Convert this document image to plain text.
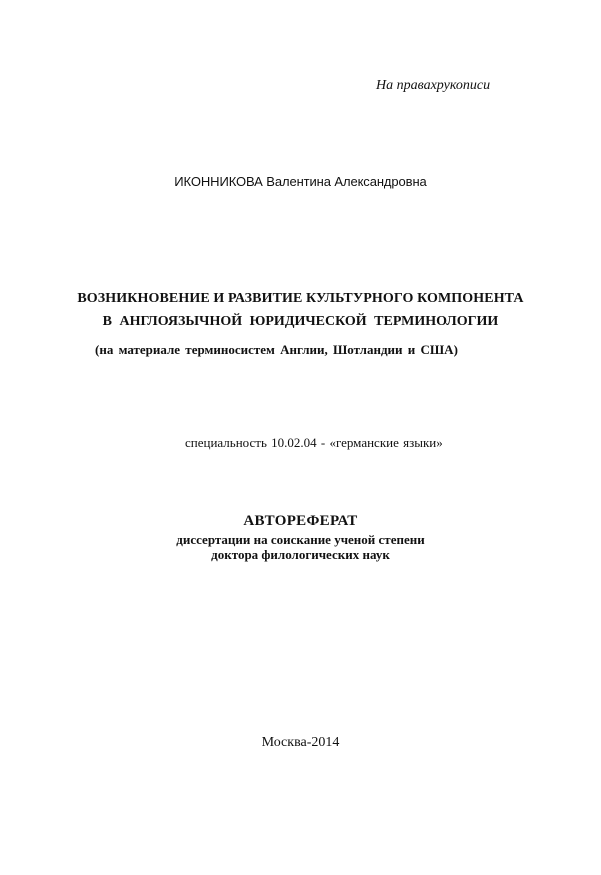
На правахрукописи
ИКОННИКОВА Валентина Александровна
ВОЗНИКНОВЕНИЕ И РАЗВИТИЕ КУЛЬТУРНОГО КОМПОНЕНТА
В АНГЛОЯЗЫЧНОЙ ЮРИДИЧЕСКОЙ ТЕРМИНОЛОГИИ
(на материале терминосистем Англии, Шотландии и США)
специальность 10.02.04 - «германские языки»
АВТОРЕФЕРАТ
диссертации на соискание ученой степени
доктора филологических наук
Москва-2014
